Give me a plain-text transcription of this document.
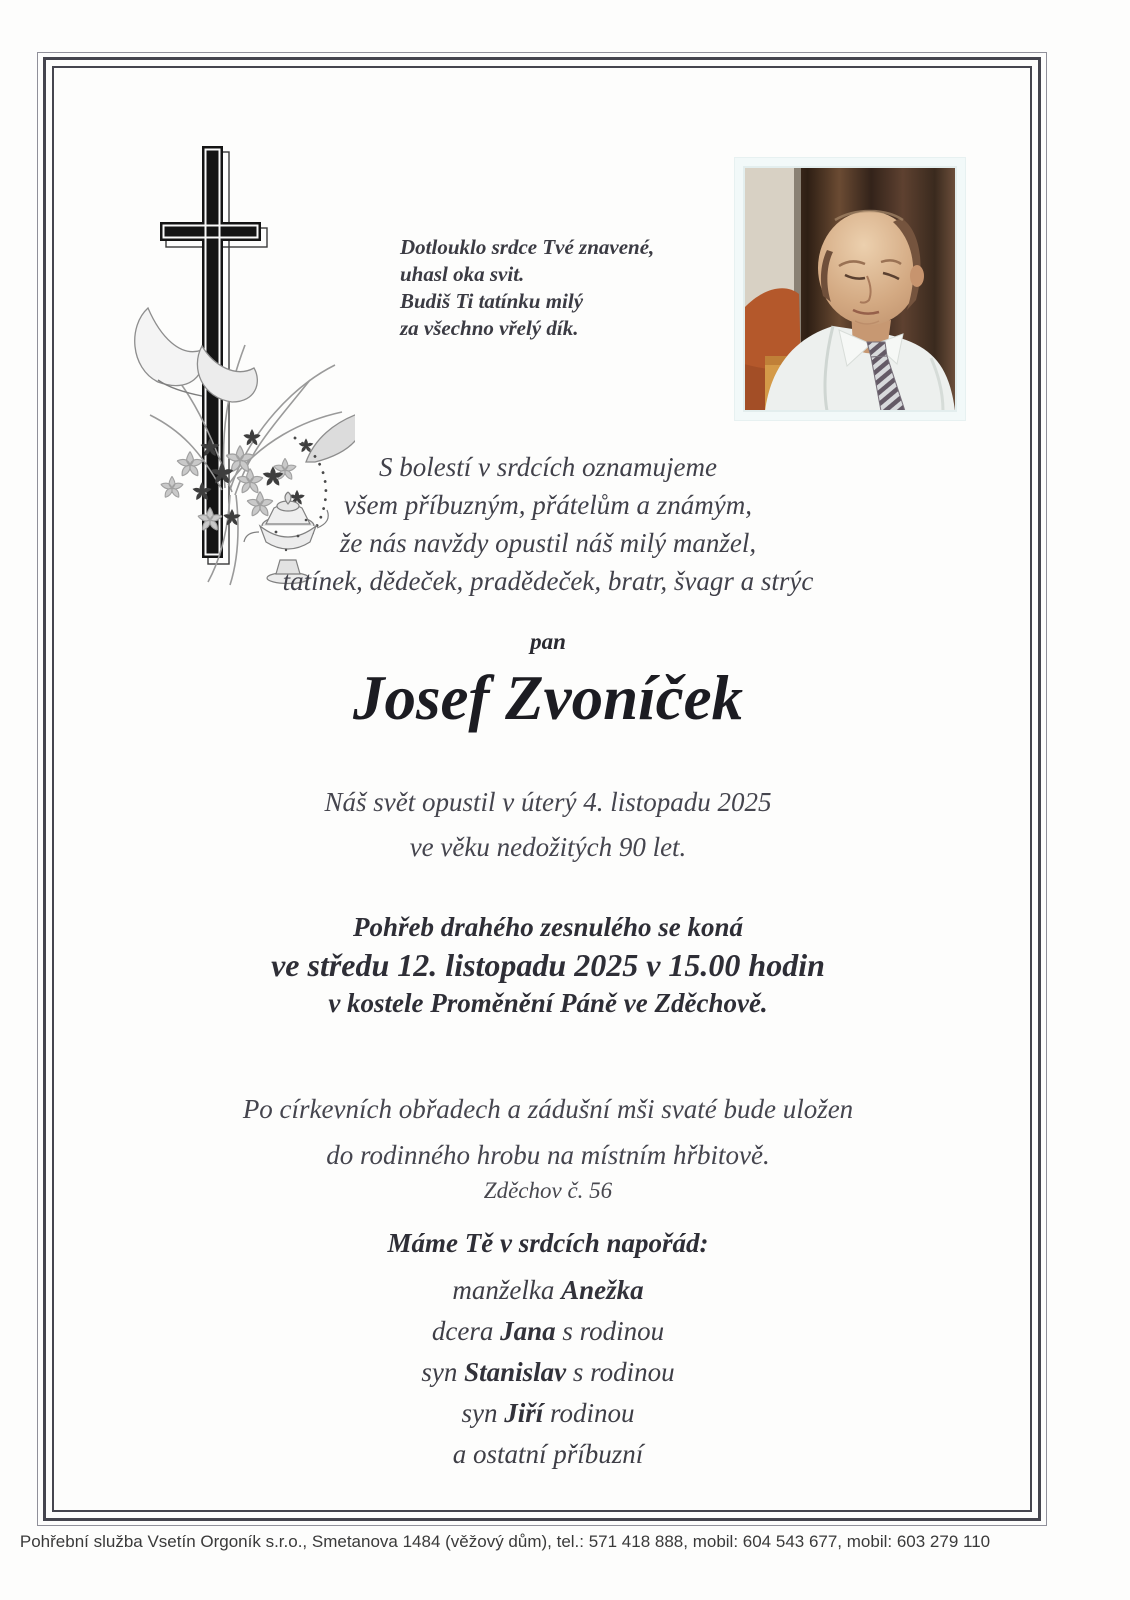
Dotlouklo srdce Tvé znavené,
uhasl oka svit.
Budiš Ti tatínku milý
za všechno vřelý dík.
S bolestí v srdcích oznamujeme
všem příbuzným, přátelům a známým,
že nás navždy opustil náš milý manžel,
tatínek, dědeček, pradědeček, bratr, švagr a strýc
pan
Josef Zvoníček
Náš svět opustil v úterý 4. listopadu 2025
ve věku nedožitých 90 let.
Pohřeb drahého zesnulého se koná
ve středu 12. listopadu 2025 v 15.00 hodin
v kostele Proměnění Páně ve Zděchově.
Po církevních obřadech a zádušní mši svaté bude uložen
do rodinného hrobu na místním hřbitově.
Zděchov č. 56
Máme Tě v srdcích napořád:
manželka Anežka
dcera Jana s rodinou
syn Stanislav s rodinou
syn Jiří rodinou
a ostatní příbuzní
Pohřební služba Vsetín Orgoník s.r.o., Smetanova 1484 (věžový dům), tel.: 571 418 888, mobil: 604 543 677, mobil: 603 279 110
